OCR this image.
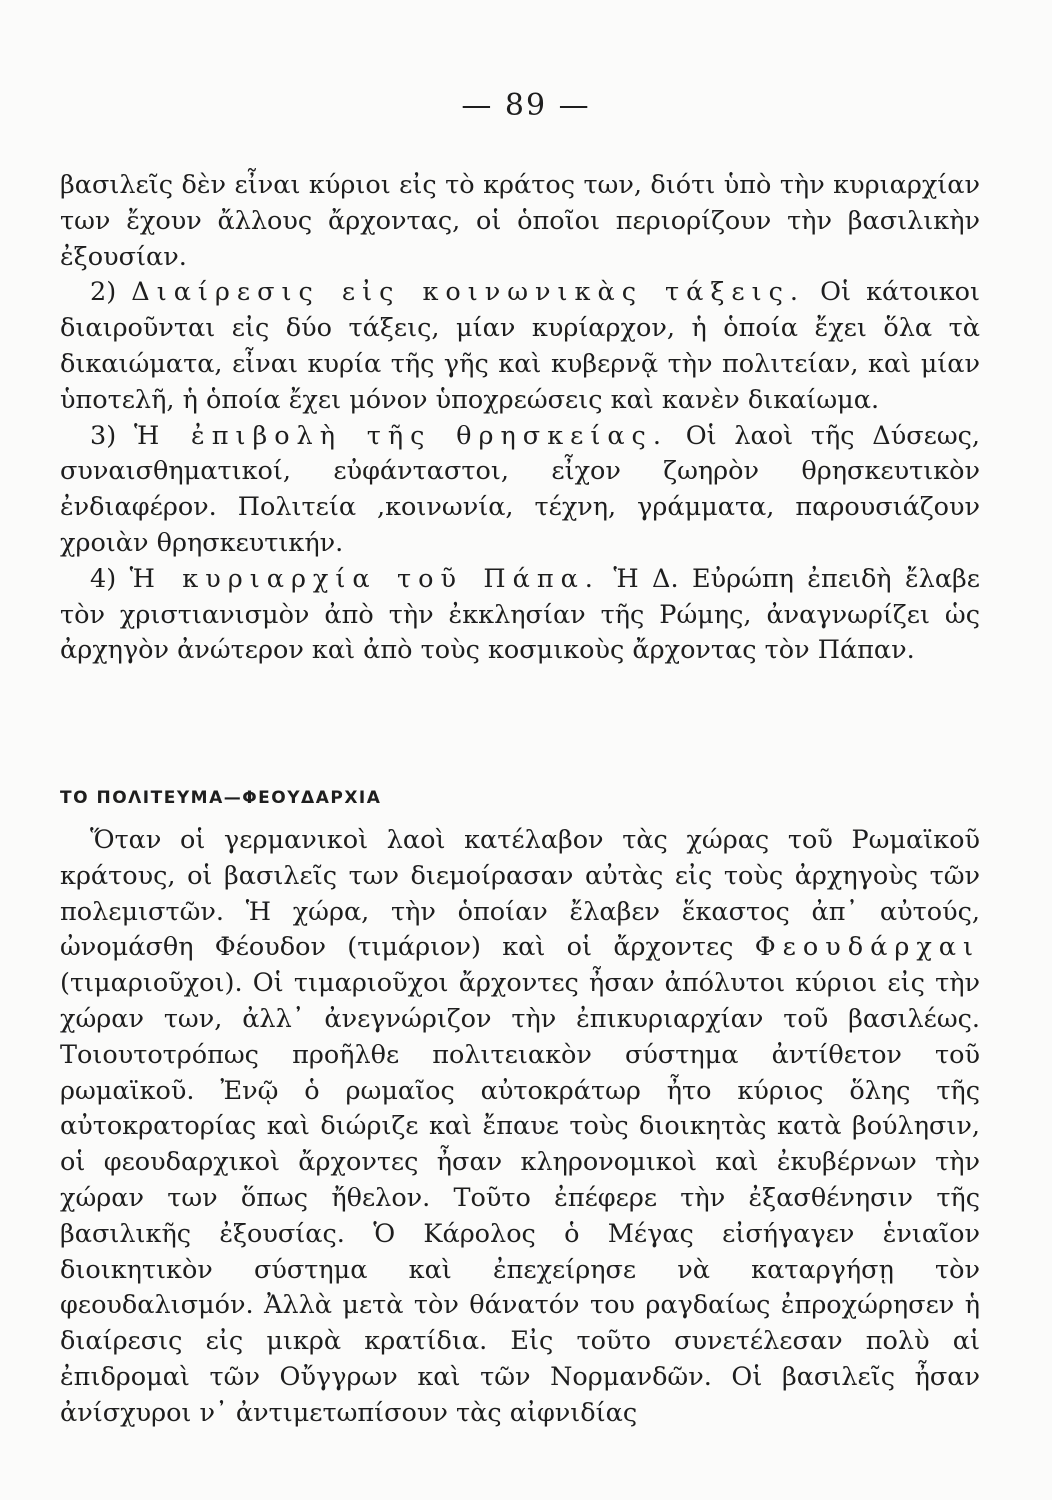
— 89 —

βασιλεῖς δὲν εἶναι κύριοι εἰς τὸ κράτος των, διότι ὑπὸ τὴν κυριαρχίαν των ἔχουν ἄλλους ἄρχοντας, οἱ ὁποῖοι περιορίζουν τὴν βασιλικὴν ἐξουσίαν.

2) Διαίρεσις εἰς κοινωνικὰς τάξεις. Οἱ κάτοικοι διαιροῦνται εἰς δύο τάξεις, μίαν κυρίαρχον, ἡ ὁποία ἔχει ὅλα τὰ δικαιώματα, εἶναι κυρία τῆς γῆς καὶ κυβερνᾷ τὴν πολιτείαν, καὶ μίαν ὑποτελῆ, ἡ ὁποία ἔχει μόνον ὑποχρεώσεις καὶ κανὲν δικαίωμα.

3) Ἡ ἐπιβολὴ τῆς θρησκείας. Οἱ λαοὶ τῆς Δύσεως, συναισθηματικοί, εὐφάνταστοι, εἶχον ζωηρὸν θρησκευτικὸν ἐνδιαφέρον. Πολιτεία ,κοινωνία, τέχνη, γράμματα, παρουσιάζουν χροιὰν θρησκευτικήν.

4) Ἡ κυριαρχία τοῦ Πάπα. Ἡ Δ. Εὐρώπη ἐπειδὴ ἔλαβε τὸν χριστιανισμὸν ἀπὸ τὴν ἐκκλησίαν τῆς Ρώμης, ἀναγνωρίζει ὡς ἀρχηγὸν ἀνώτερον καὶ ἀπὸ τοὺς κοσμικοὺς ἄρχοντας τὸν Πάπαν.

ΤΟ ΠΟΛΙΤΕΥΜΑ—ΦΕΟΥΔΑΡΧΙΑ

Ὅταν οἱ γερμανικοὶ λαοὶ κατέλαβον τὰς χώρας τοῦ Ρωμαϊκοῦ κράτους, οἱ βασιλεῖς των διεμοίρασαν αὐτὰς εἰς τοὺς ἀρχηγοὺς τῶν πολεμιστῶν. Ἡ χώρα, τὴν ὁποίαν ἔλαβεν ἕκαστος ἀπ᾽ αὐτούς, ὠνομάσθη Φέουδον (τιμάριον) καὶ οἱ ἄρχοντες Φεουδάρχαι (τιμαριοῦχοι). Οἱ τιμαριοῦχοι ἄρχοντες ἦσαν ἀπόλυτοι κύριοι εἰς τὴν χώραν των, ἀλλ᾽ ἀνεγνώριζον τὴν ἐπικυριαρχίαν τοῦ βασιλέως. Τοιουτοτρόπως προῆλθε πολιτειακὸν σύστημα ἀντίθετον τοῦ ρωμαϊκοῦ. Ἐνῷ ὁ ρωμαῖος αὐτοκράτωρ ἦτο κύριος ὅλης τῆς αὐτοκρατορίας καὶ διώριζε καὶ ἔπαυε τοὺς διοικητὰς κατὰ βούλησιν, οἱ φεουδαρχικοὶ ἄρχοντες ἦσαν κληρονομικοὶ καὶ ἐκυβέρνων τὴν χώραν των ὅπως ἤθελον. Τοῦτο ἐπέφερε τὴν ἐξασθένησιν τῆς βασιλικῆς ἐξουσίας. Ὁ Κάρολος ὁ Μέγας εἰσήγαγεν ἑνιαῖον διοικητικὸν σύστημα καὶ ἐπεχείρησε νὰ καταργήσῃ τὸν φεουδαλισμόν. Ἀλλὰ μετὰ τὸν θάνατόν του ραγδαίως ἐπροχώρησεν ἡ διαίρεσις εἰς μικρὰ κρατίδια. Εἰς τοῦτο συνετέλεσαν πολὺ αἱ ἐπιδρομαὶ τῶν Οὔγγρων καὶ τῶν Νορμανδῶν. Οἱ βασιλεῖς ἦσαν ἀνίσχυροι ν᾽ ἀντιμετωπίσουν τὰς αἰφνιδίας
